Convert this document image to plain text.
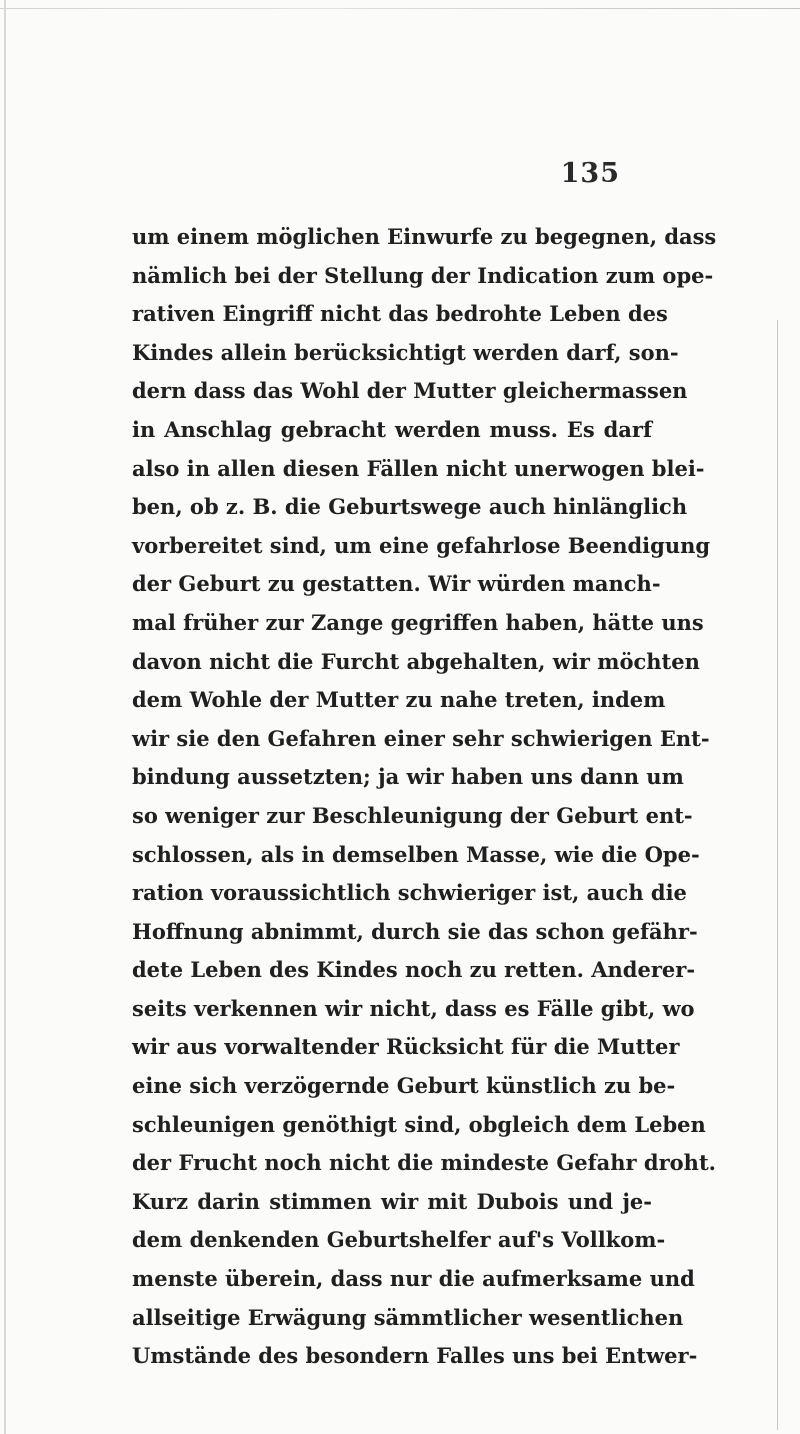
135
um einem möglichen Einwurfe zu begegnen, dass
nämlich bei der Stellung der Indication zum ope-
rativen Eingriff nicht das bedrohte Leben des
Kindes allein berücksichtigt werden darf, son-
dern dass das Wohl der Mutter gleichermassen
in Anschlag gebracht werden muss. Es darf
also in allen diesen Fällen nicht unerwogen blei-
ben, ob z. B. die Geburtswege auch hinlänglich
vorbereitet sind, um eine gefahrlose Beendigung
der Geburt zu gestatten. Wir würden manch-
mal früher zur Zange gegriffen haben, hätte uns
davon nicht die Furcht abgehalten, wir möchten
dem Wohle der Mutter zu nahe treten, indem
wir sie den Gefahren einer sehr schwierigen Ent-
bindung aussetzten; ja wir haben uns dann um
so weniger zur Beschleunigung der Geburt ent-
schlossen, als in demselben Masse, wie die Ope-
ration voraussichtlich schwieriger ist, auch die
Hoffnung abnimmt, durch sie das schon gefähr-
dete Leben des Kindes noch zu retten. Anderer-
seits verkennen wir nicht, dass es Fälle gibt, wo
wir aus vorwaltender Rücksicht für die Mutter
eine sich verzögernde Geburt künstlich zu be-
schleunigen genöthigt sind, obgleich dem Leben
der Frucht noch nicht die mindeste Gefahr droht.
Kurz darin stimmen wir mit Dubois und je-
dem denkenden Geburtshelfer auf's Vollkom-
menste überein, dass nur die aufmerksame und
allseitige Erwägung sämmtlicher wesentlichen
Umstände des besondern Falles uns bei Entwer-
